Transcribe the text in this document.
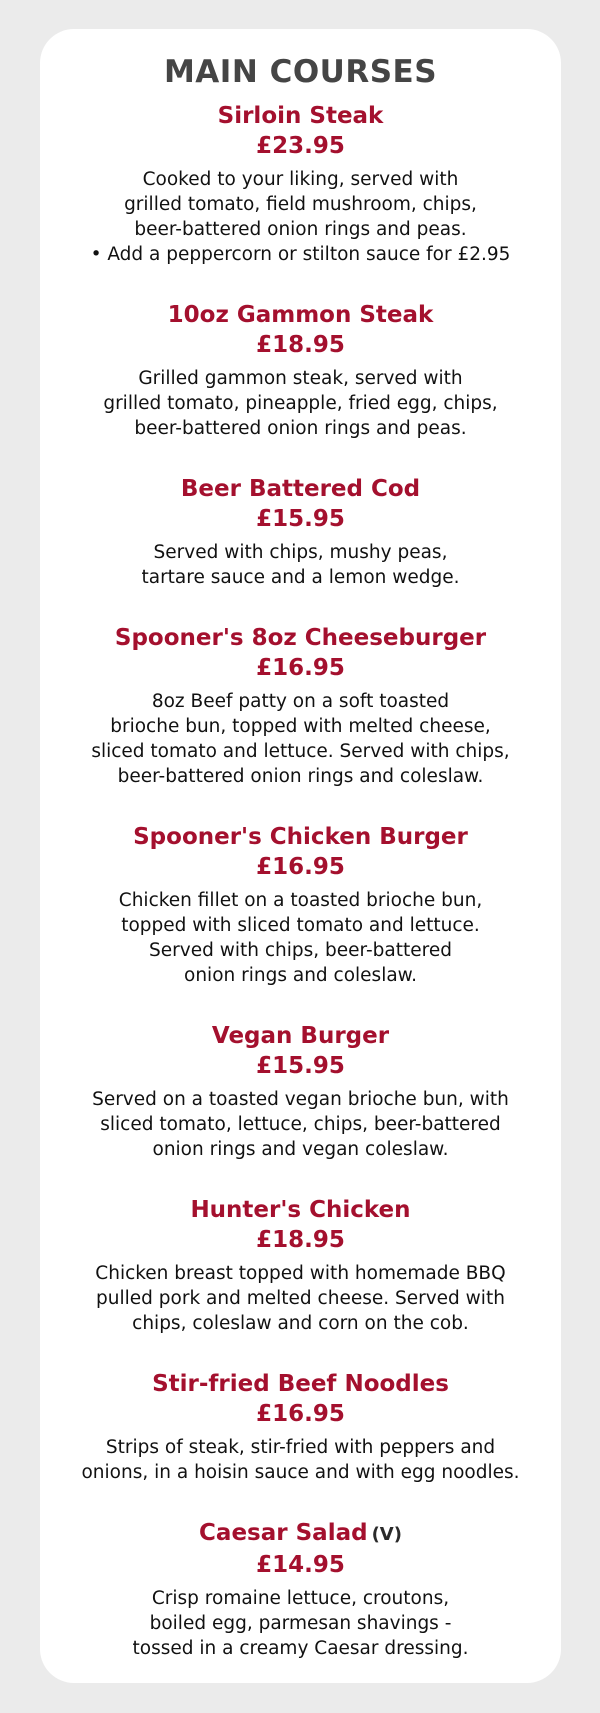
MAIN COURSES
Sirloin Steak
£23.95
Cooked to your liking, served with
grilled tomato, field mushroom, chips,
beer-battered onion rings and peas.
• Add a peppercorn or stilton sauce for £2.95
10oz Gammon Steak
£18.95
Grilled gammon steak, served with
grilled tomato, pineapple, fried egg, chips,
beer-battered onion rings and peas.
Beer Battered Cod
£15.95
Served with chips, mushy peas,
tartare sauce and a lemon wedge.
Spooner's 8oz Cheeseburger
£16.95
8oz Beef patty on a soft toasted
brioche bun, topped with melted cheese,
sliced tomato and lettuce. Served with chips,
beer-battered onion rings and coleslaw.
Spooner's Chicken Burger
£16.95
Chicken fillet on a toasted brioche bun,
topped with sliced tomato and lettuce.
Served with chips, beer-battered
onion rings and coleslaw.
Vegan Burger
£15.95
Served on a toasted vegan brioche bun, with
sliced tomato, lettuce, chips, beer-battered
onion rings and vegan coleslaw.
Hunter's Chicken
£18.95
Chicken breast topped with homemade BBQ
pulled pork and melted cheese. Served with
chips, coleslaw and corn on the cob.
Stir-fried Beef Noodles
£16.95
Strips of steak, stir-fried with peppers and
onions, in a hoisin sauce and with egg noodles.
Caesar Salad (V)
£14.95
Crisp romaine lettuce, croutons,
boiled egg, parmesan shavings -
tossed in a creamy Caesar dressing.
